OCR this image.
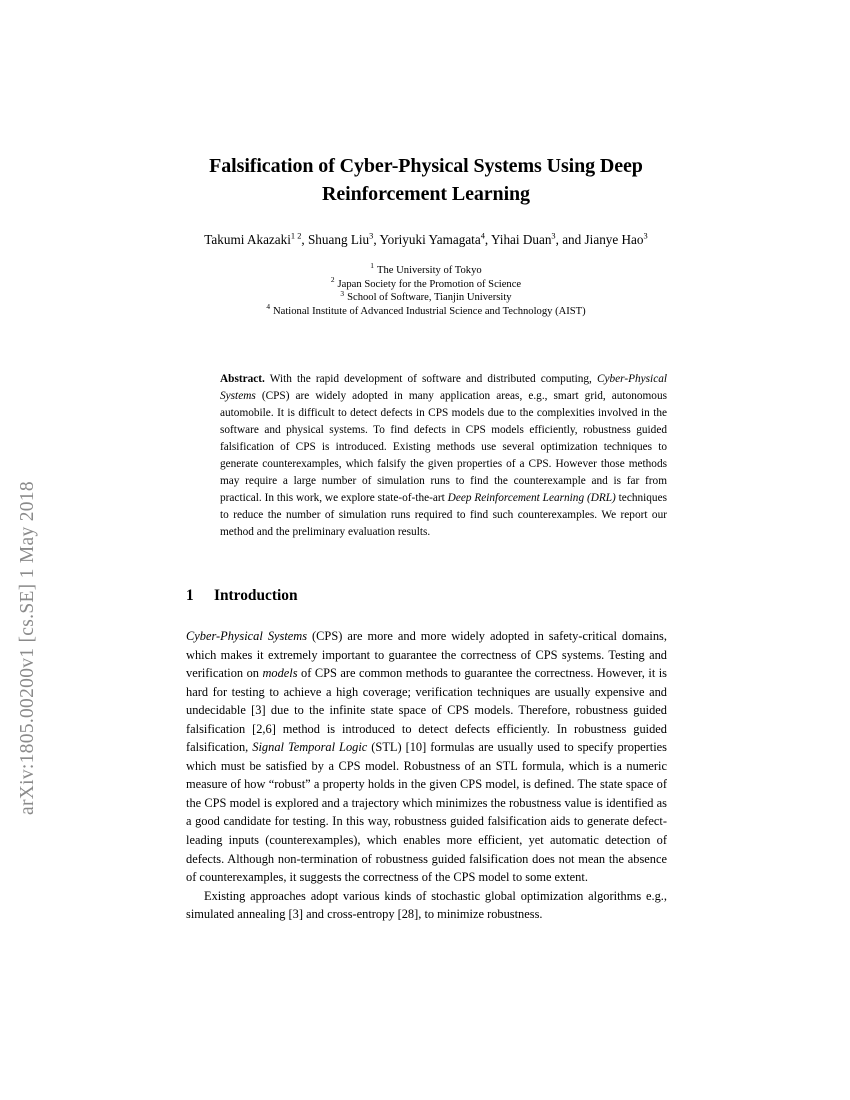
arXiv:1805.00200v1 [cs.SE] 1 May 2018
Falsification of Cyber-Physical Systems Using Deep Reinforcement Learning
Takumi Akazaki$^{1 2}$, Shuang Liu$^3$, Yoriyuki Yamagata$^4$, Yihai Duan$^3$, and Jianye Hao$^3$
$^1$ The University of Tokyo
$^2$ Japan Society for the Promotion of Science
$^3$ School of Software, Tianjin University
$^4$ National Institute of Advanced Industrial Science and Technology (AIST)
Abstract. With the rapid development of software and distributed computing, Cyber-Physical Systems (CPS) are widely adopted in many application areas, e.g., smart grid, autonomous automobile. It is difficult to detect defects in CPS models due to the complexities involved in the software and physical systems. To find defects in CPS models efficiently, robustness guided falsification of CPS is introduced. Existing methods use several optimization techniques to generate counterexamples, which falsify the given properties of a CPS. However those methods may require a large number of simulation runs to find the counterexample and is far from practical. In this work, we explore state-of-the-art Deep Reinforcement Learning (DRL) techniques to reduce the number of simulation runs required to find such counterexamples. We report our method and the preliminary evaluation results.
1 Introduction

Cyber-Physical Systems (CPS) are more and more widely adopted in safety-critical domains, which makes it extremely important to guarantee the correctness of CPS systems. Testing and verification on models of CPS are common methods to guarantee the correctness. However, it is hard for testing to achieve a high coverage; verification techniques are usually expensive and undecidable [3] due to the infinite state space of CPS models. Therefore, robustness guided falsification [2,6] method is introduced to detect defects efficiently. In robustness guided falsification, Signal Temporal Logic (STL) [10] formulas are usually used to specify properties which must be satisfied by a CPS model. Robustness of an STL formula, which is a numeric measure of how “robust” a property holds in the given CPS model, is defined. The state space of the CPS model is explored and a trajectory which minimizes the robustness value is identified as a good candidate for testing. In this way, robustness guided falsification aids to generate defect-leading inputs (counterexamples), which enables more efficient, yet automatic detection of defects. Although non-termination of robustness guided falsification does not mean the absence of counterexamples, it suggests the correctness of the CPS model to some extent.

Existing approaches adopt various kinds of stochastic global optimization algorithms e.g., simulated annealing [3] and cross-entropy [28], to minimize robustness.
